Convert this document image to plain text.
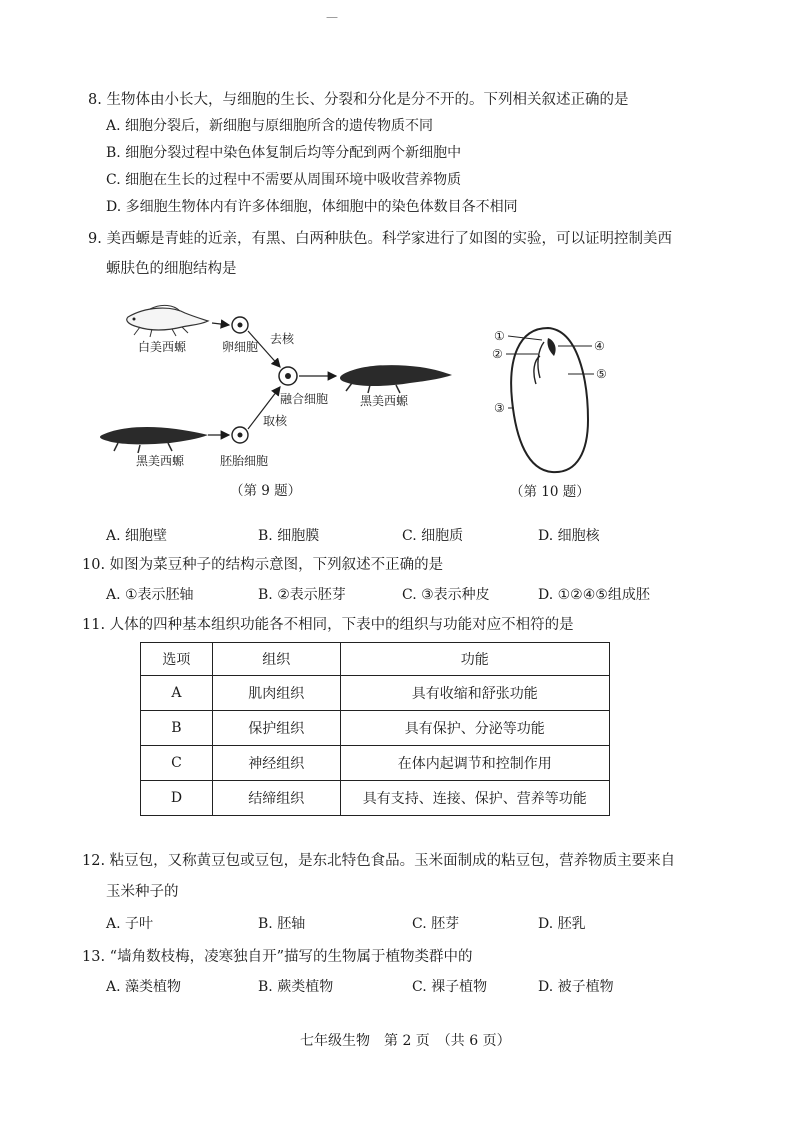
—
8. 生物体由小长大，与细胞的生长、分裂和分化是分不开的。下列相关叙述正确的是
A. 细胞分裂后，新细胞与原细胞所含的遗传物质不同
B. 细胞分裂过程中染色体复制后均等分配到两个新细胞中
C. 细胞在生长的过程中不需要从周围环境中吸收营养物质
D. 多细胞生物体内有许多体细胞，体细胞中的染色体数目各不相同
9. 美西螈是青蛙的近亲，有黑、白两种肤色。科学家进行了如图的实验，可以证明控制美西
螈肤色的细胞结构是
白美西螈	卵细胞
去核
融合细胞	黑美西螈
取核
黑美西螈	胚胎细胞
（第 9 题）
①
②
④
⑤
③
（第 10 题）
A. 细胞壁	B. 细胞膜	C. 细胞质	D. 细胞核
10. 如图为菜豆种子的结构示意图，下列叙述不正确的是
A. ①表示胚轴	B. ②表示胚芽	C. ③表示种皮	D. ①②④⑤组成胚
11. 人体的四种基本组织功能各不相同，下表中的组织与功能对应不相符的是
选项	组织	功能
A	肌肉组织	具有收缩和舒张功能
B	保护组织	具有保护、分泌等功能
C	神经组织	在体内起调节和控制作用
D	结缔组织	具有支持、连接、保护、营养等功能
12. 粘豆包，又称黄豆包或豆包，是东北特色食品。玉米面制成的粘豆包，营养物质主要来自
玉米种子的
A. 子叶	B. 胚轴	C. 胚芽	D. 胚乳
13. “墙角数枝梅，凌寒独自开”描写的生物属于植物类群中的
A. 藻类植物	B. 蕨类植物	C. 裸子植物	D. 被子植物
七年级生物　第 2 页　（共 6 页）
